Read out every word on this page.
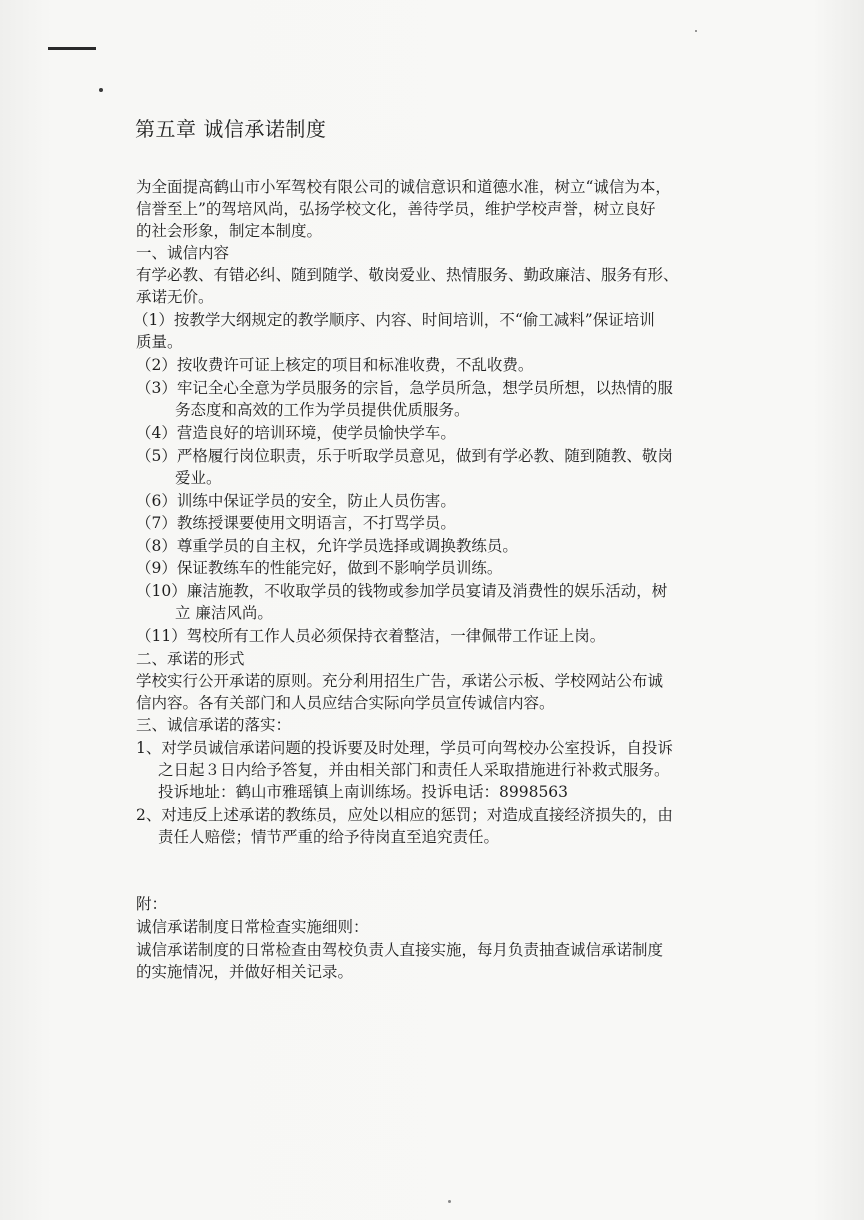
第五章 诚信承诺制度
为全面提高鹤山市小军驾校有限公司的诚信意识和道德水准，树立“诚信为本，
信誉至上”的驾培风尚，弘扬学校文化，善待学员，维护学校声誉，树立良好
的社会形象，制定本制度。
一、诚信内容
有学必教、有错必纠、随到随学、敬岗爱业、热情服务、勤政廉洁、服务有形、
承诺无价。
（1）按教学大纲规定的教学顺序、内容、时间培训，不“偷工减料”保证培训
质量。
（2）按收费许可证上核定的项目和标准收费，不乱收费。
（3）牢记全心全意为学员服务的宗旨，急学员所急，想学员所想，以热情的服
务态度和高效的工作为学员提供优质服务。
（4）营造良好的培训环境，使学员愉快学车。
（5）严格履行岗位职责，乐于听取学员意见，做到有学必教、随到随教、敬岗
爱业。
（6）训练中保证学员的安全，防止人员伤害。
（7）教练授课要使用文明语言，不打骂学员。
（8）尊重学员的自主权，允许学员选择或调换教练员。
（9）保证教练车的性能完好，做到不影响学员训练。
（10）廉洁施教，不收取学员的钱物或参加学员宴请及消费性的娱乐活动，树
立 廉洁风尚。
（11）驾校所有工作人员必须保持衣着整洁，一律佩带工作证上岗。
二、承诺的形式
学校实行公开承诺的原则。充分利用招生广告，承诺公示板、学校网站公布诚
信内容。各有关部门和人员应结合实际向学员宣传诚信内容。
三、诚信承诺的落实：
1、对学员诚信承诺问题的投诉要及时处理，学员可向驾校办公室投诉，自投诉
之日起３日内给予答复，并由相关部门和责任人采取措施进行补救式服务。
投诉地址：鹤山市雅瑶镇上南训练场。投诉电话：8998563
2、对违反上述承诺的教练员，应处以相应的惩罚；对造成直接经济损失的，由
责任人赔偿；情节严重的给予待岗直至追究责任。
附：
诚信承诺制度日常检查实施细则：
诚信承诺制度的日常检查由驾校负责人直接实施，每月负责抽查诚信承诺制度
的实施情况，并做好相关记录。
